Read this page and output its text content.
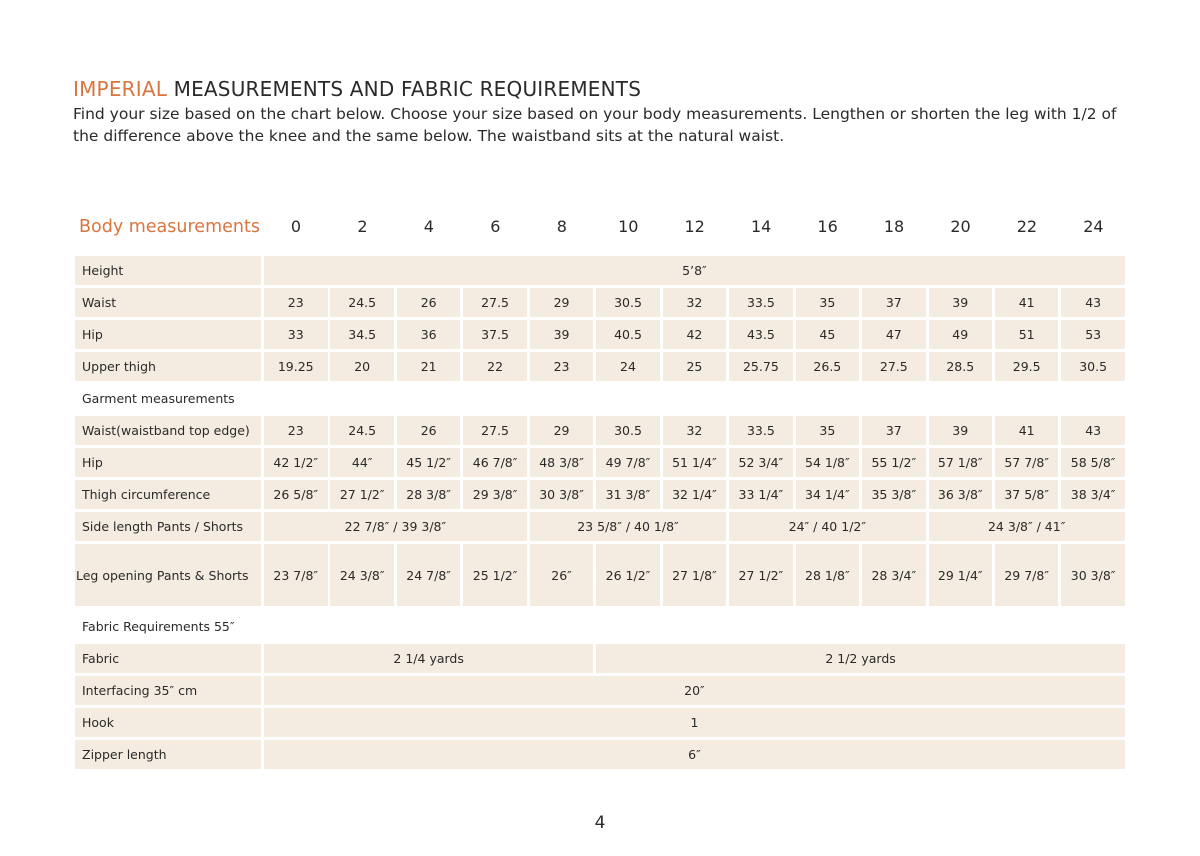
IMPERIAL MEASUREMENTS AND FABRIC REQUIREMENTS

Find your size based on the chart below. Choose your size based on your body measurements. Lengthen or shorten the leg with 1/2 of the difference above the knee and the same below. The waistband sits at the natural waist.

Body measurements	0	2	4	6	8	10	12	14	16	18	20	22	24
Height	5’8″
Waist	23	24.5	26	27.5	29	30.5	32	33.5	35	37	39	41	43
Hip	33	34.5	36	37.5	39	40.5	42	43.5	45	47	49	51	53
Upper thigh	19.25	20	21	22	23	24	25	25.75	26.5	27.5	28.5	29.5	30.5
Garment measurements
Waist(waistband top edge)	23	24.5	26	27.5	29	30.5	32	33.5	35	37	39	41	43
Hip	42 1/2″	44″	45 1/2″	46 7/8″	48 3/8″	49 7/8″	51 1/4″	52 3/4″	54 1/8″	55 1/2″	57 1/8″	57 7/8″	58 5/8″
Thigh circumference	26 5/8″	27 1/2″	28 3/8″	29 3/8″	30 3/8″	31 3/8″	32 1/4″	33 1/4″	34 1/4″	35 3/8″	36 3/8″	37 5/8″	38 3/4″
Side length Pants / Shorts	22 7/8″ / 39 3/8″	23 5/8″ / 40 1/8″	24″ / 40 1/2″	24 3/8″ / 41″
Leg opening Pants & Shorts	23 7/8″	24 3/8″	24 7/8″	25 1/2″	26″	26 1/2″	27 1/8″	27 1/2″	28 1/8″	28 3/4″	29 1/4″	29 7/8″	30 3/8″
Fabric Requirements 55″
Fabric	2 1/4 yards	2 1/2 yards
Interfacing 35″ cm	20″
Hook	1
Zipper length	6″
4
